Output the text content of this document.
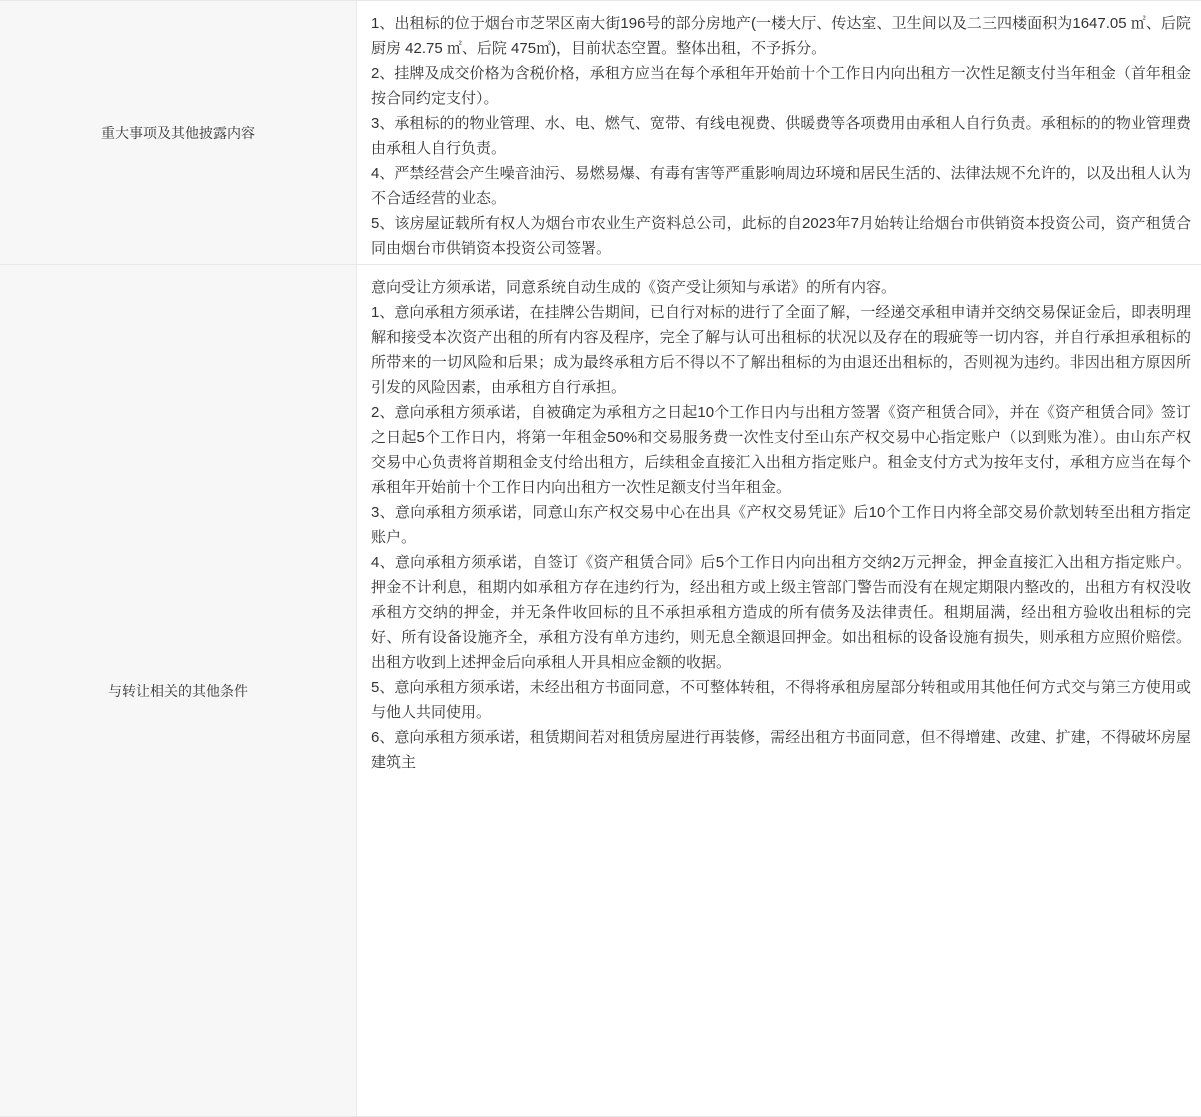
重大事项及其他披露内容

1、出租标的位于烟台市芝罘区南大街196号的部分房地产(一楼大厅、传达室、卫生间以及二三四楼面积为1647.05 ㎡、后院厨房 42.75 ㎡、后院 475㎡)，目前状态空置。整体出租，不予拆分。

2、挂牌及成交价格为含税价格，承租方应当在每个承租年开始前十个工作日内向出租方一次性足额支付当年租金（首年租金按合同约定支付）。

3、承租标的的物业管理、水、电、燃气、宽带、有线电视费、供暖费等各项费用由承租人自行负责。承租标的的物业管理费由承租人自行负责。

4、严禁经营会产生噪音油污、易燃易爆、有毒有害等严重影响周边环境和居民生活的、法律法规不允许的，以及出租人认为不合适经营的业态。

5、该房屋证载所有权人为烟台市农业生产资料总公司，此标的自2023年7月始转让给烟台市供销资本投资公司，资产租赁合同由烟台市供销资本投资公司签署。

与转让相关的其他条件

意向受让方须承诺，同意系统自动生成的《资产受让须知与承诺》的所有内容。

1、意向承租方须承诺，在挂牌公告期间，已自行对标的进行了全面了解，一经递交承租申请并交纳交易保证金后，即表明理解和接受本次资产出租的所有内容及程序，完全了解与认可出租标的状况以及存在的瑕疵等一切内容，并自行承担承租标的所带来的一切风险和后果；成为最终承租方后不得以不了解出租标的为由退还出租标的，否则视为违约。非因出租方原因所引发的风险因素，由承租方自行承担。

2、意向承租方须承诺，自被确定为承租方之日起10个工作日内与出租方签署《资产租赁合同》，并在《资产租赁合同》签订之日起5个工作日内，将第一年租金50%和交易服务费一次性支付至山东产权交易中心指定账户（以到账为准）。由山东产权交易中心负责将首期租金支付给出租方，后续租金直接汇入出租方指定账户。租金支付方式为按年支付，承租方应当在每个承租年开始前十个工作日内向出租方一次性足额支付当年租金。

3、意向承租方须承诺，同意山东产权交易中心在出具《产权交易凭证》后10个工作日内将全部交易价款划转至出租方指定账户。

4、意向承租方须承诺，自签订《资产租赁合同》后5个工作日内向出租方交纳2万元押金，押金直接汇入出租方指定账户。押金不计利息，租期内如承租方存在违约行为，经出租方或上级主管部门警告而没有在规定期限内整改的，出租方有权没收承租方交纳的押金，并无条件收回标的且不承担承租方造成的所有债务及法律责任。租期届满，经出租方验收出租标的完好、所有设备设施齐全，承租方没有单方违约，则无息全额退回押金。如出租标的设备设施有损失，则承租方应照价赔偿。出租方收到上述押金后向承租人开具相应金额的收据。

5、意向承租方须承诺，未经出租方书面同意，不可整体转租，不得将承租房屋部分转租或用其他任何方式交与第三方使用或与他人共同使用。

6、意向承租方须承诺，租赁期间若对租赁房屋进行再装修，需经出租方书面同意，但不得增建、改建、扩建，不得破坏房屋建筑主
